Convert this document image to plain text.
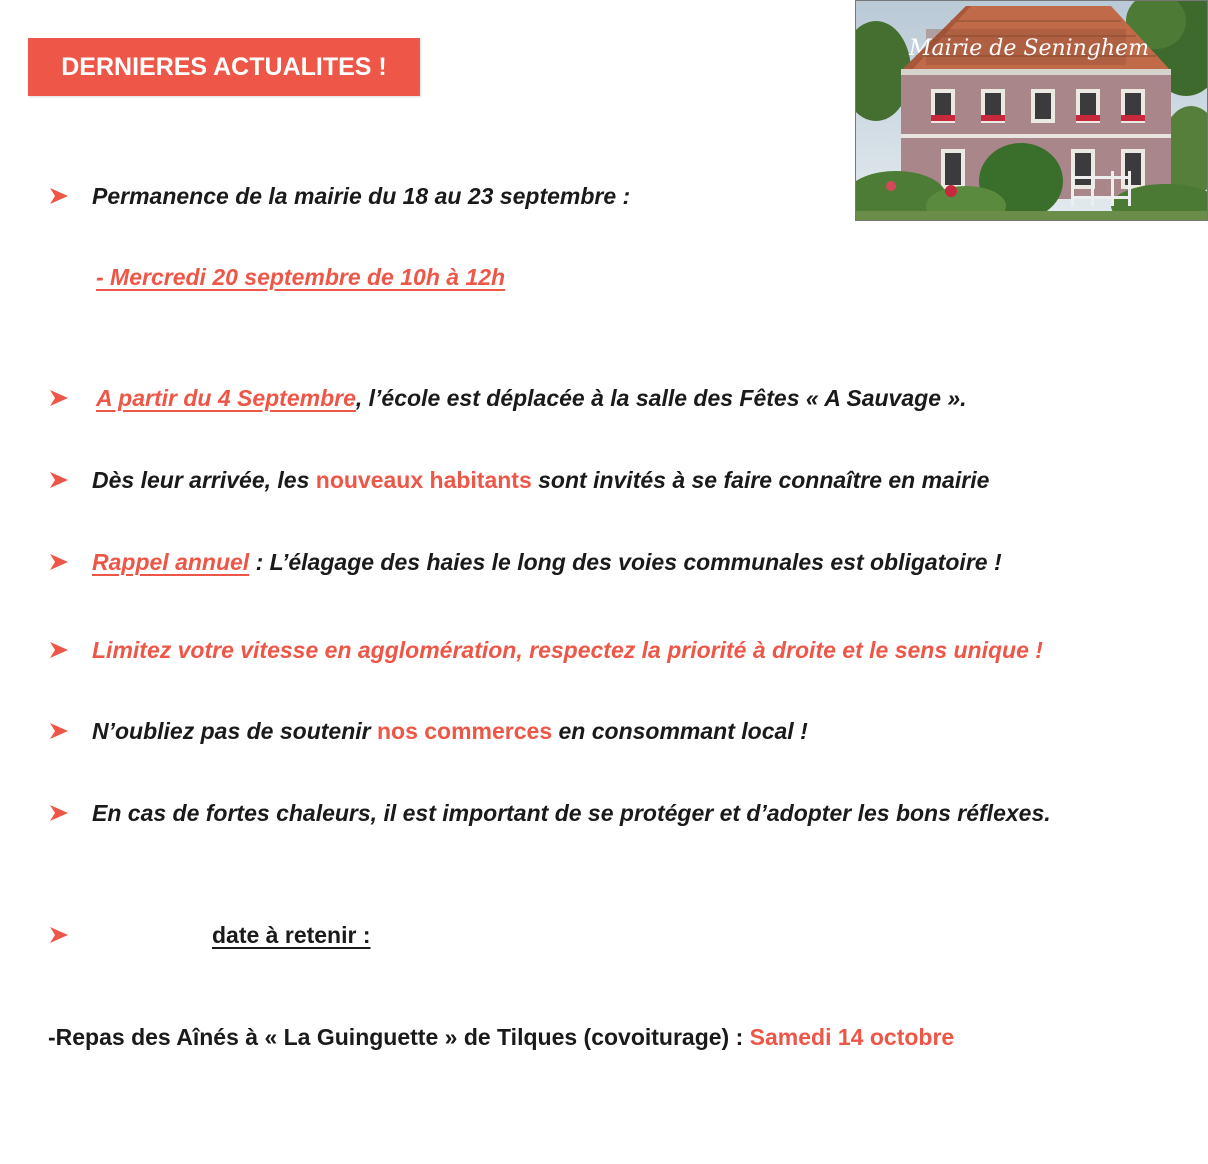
DERNIERES ACTUALITES !
Mairie de Seninghem
Permanence de la mairie du 18 au 23 septembre :
- Mercredi 20 septembre de 10h à 12h
A partir du 4 Septembre, l’école est déplacée à la salle des Fêtes « A Sauvage ».
Dès leur arrivée, les nouveaux habitants sont invités à se faire connaître en mairie
Rappel annuel : L’élagage des haies le long des voies communales est obligatoire !
Limitez votre vitesse en agglomération, respectez la priorité à droite et le sens unique !
N’oubliez pas de soutenir nos commerces en consommant local !
En cas de fortes chaleurs, il est important de se protéger et d’adopter les bons réflexes.
date à retenir :
-Repas des Aînés à « La Guinguette » de Tilques (covoiturage) : Samedi 14 octobre
